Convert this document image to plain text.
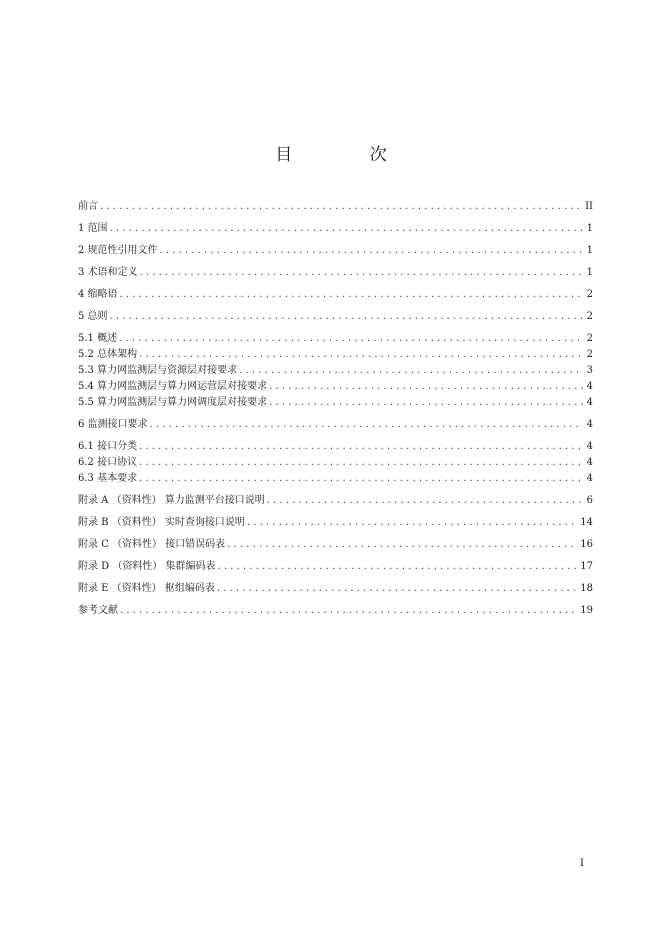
目 次
前言 . . .	II
1 范围 . . .	1
2 规范性引用文件 . . .	1
3 术语和定义 . . .	1
4 缩略语 . . .	2
5 总则 . . .	2
5.1 概述 . . .	2
5.2 总体架构 . . .	2
5.3 算力网监测层与资源层对接要求 . . .	3
5.4 算力网监测层与算力网运营层对接要求 . . .	4
5.5 算力网监测层与算力网调度层对接要求 . . .	4
6 监测接口要求 . . .	4
6.1 接口分类 . . .	4
6.2 接口协议 . . .	4
6.3 基本要求 . . .	4
附录 A （资料性） 算力监测平台接口说明 . . .	6
附录 B （资料性） 实时查询接口说明 . . .	14
附录 C （资料性） 接口错误码表 . . .	16
附录 D （资料性） 集群编码表 . . .	17
附录 E （资料性） 枢组编码表 . . .	18
参考文献 . . .	19
I
